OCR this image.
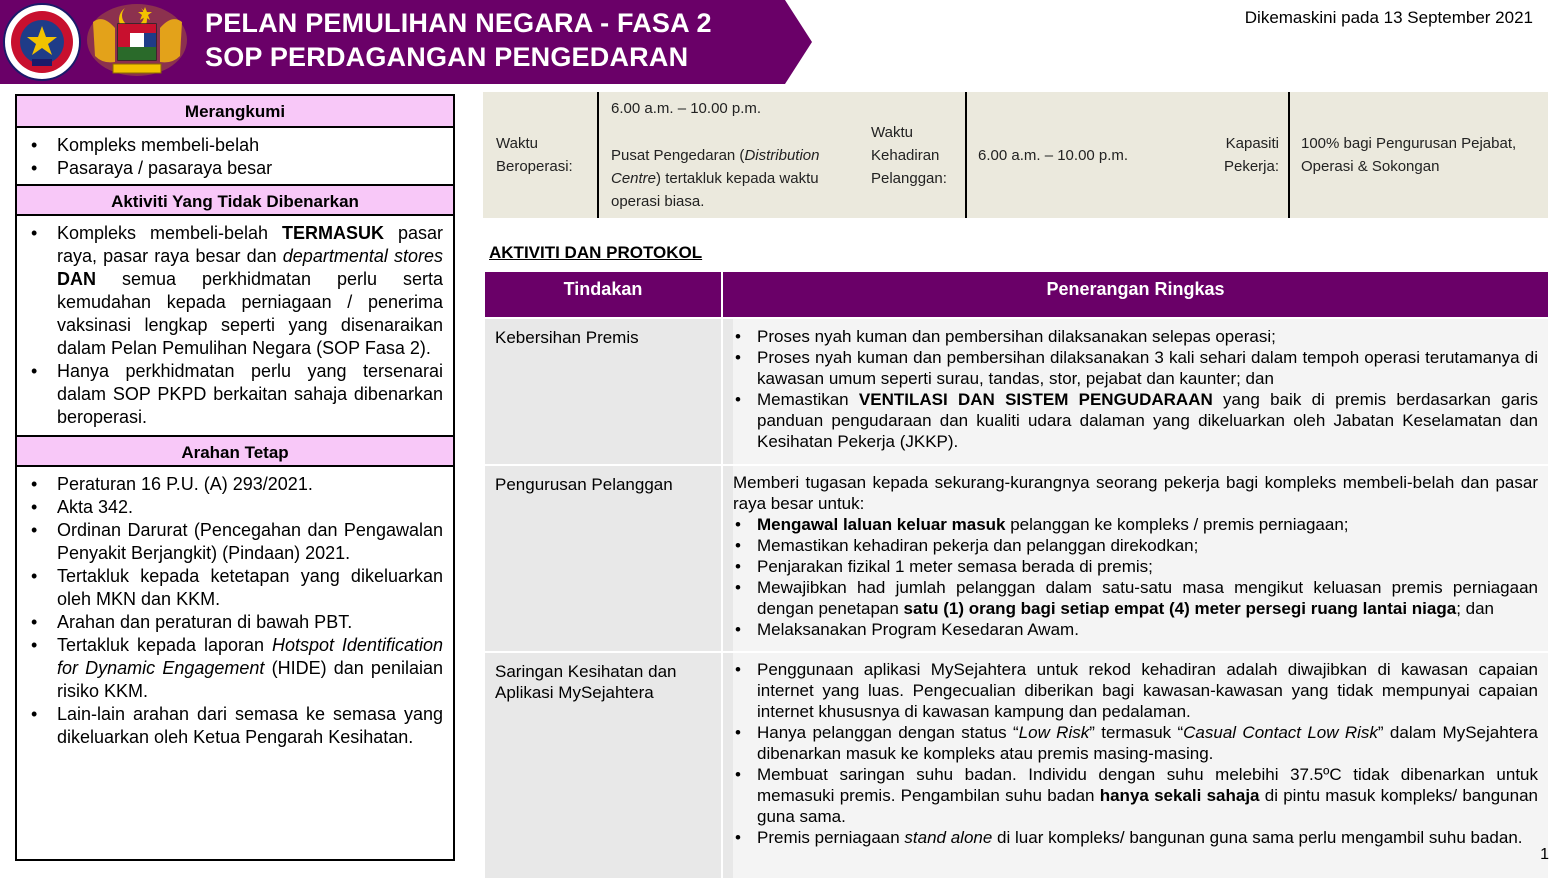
PELAN PEMULIHAN NEGARA - FASA 2
SOP PERDAGANGAN PENGEDARAN
Dikemaskini pada 13 September 2021
Merangkumi
•	Kompleks membeli-belah
•	Pasaraya / pasaraya besar
Aktiviti Yang Tidak Dibenarkan
•	Kompleks membeli-belah TERMASUK pasar raya, pasar raya besar dan departmental stores DAN semua perkhidmatan perlu serta kemudahan kepada perniagaan / penerima vaksinasi lengkap seperti yang disenaraikan dalam Pelan Pemulihan Negara (SOP Fasa 2).
•	Hanya perkhidmatan perlu yang tersenarai dalam SOP PKPD berkaitan sahaja dibenarkan beroperasi.
Arahan Tetap
•	Peraturan 16 P.U. (A) 293/2021.
•	Akta 342.
•	Ordinan Darurat (Pencegahan dan Pengawalan Penyakit Berjangkit) (Pindaan) 2021.
•	Tertakluk kepada ketetapan yang dikeluarkan oleh MKN dan KKM.
•	Arahan dan peraturan di bawah PBT.
•	Tertakluk kepada laporan Hotspot Identification for Dynamic Engagement (HIDE) dan penilaian risiko KKM.
•	Lain-lain arahan dari semasa ke semasa yang dikeluarkan oleh Ketua Pengarah Kesihatan.
Waktu Beroperasi:
6.00 a.m. – 10.00 p.m.
Pusat Pengedaran (Distribution Centre) tertakluk kepada waktu operasi biasa.
Waktu Kehadiran Pelanggan:
6.00 a.m. – 10.00 p.m.
Kapasiti Pekerja:
100% bagi Pengurusan Pejabat, Operasi & Sokongan
AKTIVITI DAN PROTOKOL
Tindakan	Penerangan Ringkas
Kebersihan Premis	• Proses nyah kuman dan pembersihan dilaksanakan selepas operasi;
• Proses nyah kuman dan pembersihan dilaksanakan 3 kali sehari dalam tempoh operasi terutamanya di kawasan umum seperti surau, tandas, stor, pejabat dan kaunter; dan
• Memastikan VENTILASI DAN SISTEM PENGUDARAAN yang baik di premis berdasarkan garis panduan pengudaraan dan kualiti udara dalaman yang dikeluarkan oleh Jabatan Keselamatan dan Kesihatan Pekerja (JKKP).
Pengurusan Pelanggan	Memberi tugasan kepada sekurang-kurangnya seorang pekerja bagi kompleks membeli-belah dan pasar raya besar untuk:
• Mengawal laluan keluar masuk pelanggan ke kompleks / premis perniagaan;
• Memastikan kehadiran pekerja dan pelanggan direkodkan;
• Penjarakan fizikal 1 meter semasa berada di premis;
• Mewajibkan had jumlah pelanggan dalam satu-satu masa mengikut keluasan premis perniagaan dengan penetapan satu (1) orang bagi setiap empat (4) meter persegi ruang lantai niaga; dan
• Melaksanakan Program Kesedaran Awam.
Saringan Kesihatan dan Aplikasi MySejahtera
• Penggunaan aplikasi MySejahtera untuk rekod kehadiran adalah diwajibkan di kawasan capaian internet yang luas. Pengecualian diberikan bagi kawasan-kawasan yang tidak mempunyai capaian internet khususnya di kawasan kampung dan pedalaman.
• Hanya pelanggan dengan status “Low Risk” termasuk “Casual Contact Low Risk” dalam MySejahtera dibenarkan masuk ke kompleks atau premis masing-masing.
• Membuat saringan suhu badan. Individu dengan suhu melebihi 37.5ºC tidak dibenarkan untuk memasuki premis. Pengambilan suhu badan hanya sekali sahaja di pintu masuk kompleks/ bangunan guna sama.
• Premis perniagaan stand alone di luar kompleks/ bangunan guna sama perlu mengambil suhu badan.
1
